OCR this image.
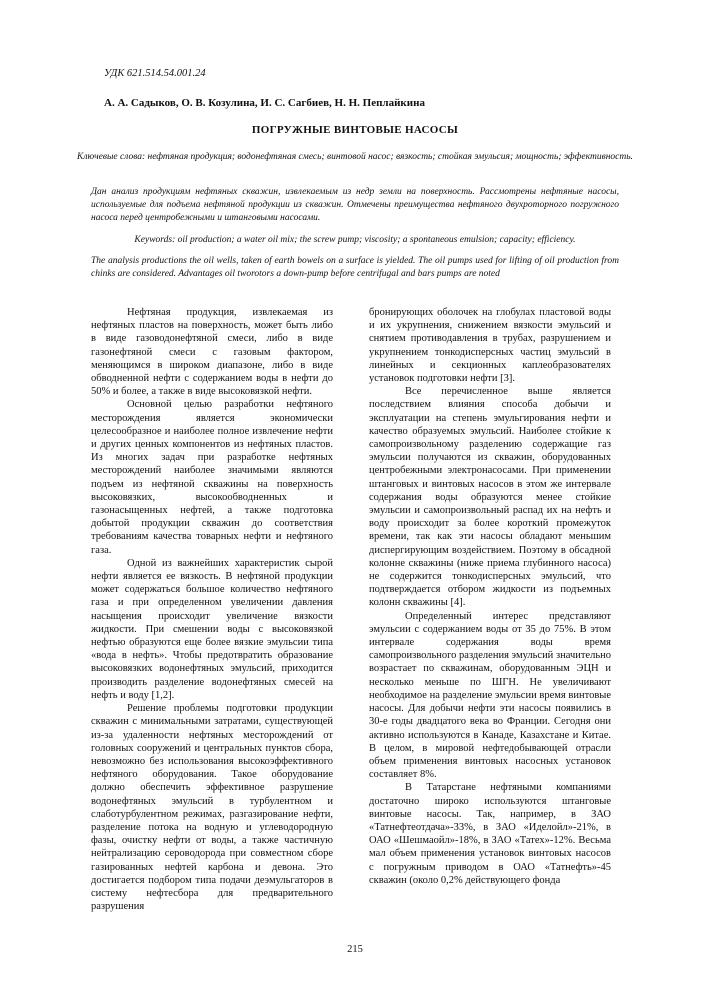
УДК 621.514.54.001.24
А. А. Садыков, О. В. Козулина, И. С. Сагбиев, Н. Н. Пеплайкина
ПОГРУЖНЫЕ ВИНТОВЫЕ НАСОСЫ
Ключевые слова: нефтяная продукция; водонефтяная смесь; винтовой насос; вязкость; стойкая эмульсия; мощность; эффективность.
Дан анализ продукциям нефтяных скважин, извлекаемым из недр земли на поверхность. Рассмотрены нефтяные насосы, используемые для подъема нефтяной продукции из скважин. Отмечены преимущества нефтяного двухроторного погружного насоса перед центробежными и штанговыми насосами.
Keywords: oil production; a water oil mix; the screw pump; viscosity; a spontaneous emulsion; capacity; efficiency.
The analysis productions the oil wells, taken of earth bowels on a surface is yielded. The oil pumps used for lifting of oil production from chinks are considered. Advantages oil tworotors a down-pump before centrifugal and bars pumps are noted

Нефтяная продукция, извлекаемая из нефтяных пластов на поверхность, может быть либо в виде газоводонефтяной смеси, либо в виде газонефтяной смеси с газовым фактором, меняющимся в широком диапазоне, либо в виде обводненной нефти с содержанием воды в нефти до 50% и более, а также в виде высоковязкой нефти.

Основной целью разработки нефтяного месторождения является экономически целесообразное и наиболее полное извлечение нефти и других ценных компонентов из нефтяных пластов. Из многих задач при разработке нефтяных месторождений наиболее значимыми являются подъем из нефтяной скважины на поверхность высоковязких, высокообводненных и газонасыщенных нефтей, а также подготовка добытой продукции скважин до соответствия требованиям качества товарных нефти и нефтяного газа.

Одной из важнейших характеристик сырой нефти является ее вязкость. В нефтяной продукции может содержаться большое количество нефтяного газа и при определенном увеличении давления насыщения происходит увеличение вязкости жидкости. При смешении воды с высоковязкой нефтью образуются еще более вязкие эмульсии типа «вода в нефть». Чтобы предотвратить образование высоковязких водонефтяных эмульсий, приходится производить разделение водонефтяных смесей на нефть и воду [1,2].

Решение проблемы подготовки продукции скважин с минимальными затратами, существующей из-за удаленности нефтяных месторождений от головных сооружений и центральных пунктов сбора, невозможно без использования высокоэффективного нефтяного оборудования. Такое оборудование должно обеспечить эффективное разрушение водонефтяных эмульсий в турбулентном и слаботурбулентном режимах, разгазирование нефти, разделение потока на водную и углеводородную фазы, очистку нефти от воды, а также частичную нейтрализацию сероводорода при совместном сборе газированных нефтей карбона и девона. Это достигается подбором типа подачи деэмульгаторов в систему нефтесбора для предварительного разрушения

бронирующих оболочек на глобулах пластовой воды и их укрупнения, снижением вязкости эмульсий и снятием противодавления в трубах, разрушением и укрупнением тонкодисперсных частиц эмульсий в линейных и секционных каплеобразователях установок подготовки нефти [3].

Все перечисленное выше является последствием влияния способа добычи и эксплуатации на степень эмульгирования нефти и качество образуемых эмульсий. Наиболее стойкие к самопроизвольному разделению содержащие газ эмульсии получаются из скважин, оборудованных центробежными электронасосами. При применении штанговых и винтовых насосов в этом же интервале содержания воды образуются менее стойкие эмульсии и самопроизвольный распад их на нефть и воду происходит за более короткий промежуток времени, так как эти насосы обладают меньшим диспергирующим воздействием. Поэтому в обсадной колонне скважины (ниже приема глубинного насоса) не содержится тонкодисперсных эмульсий, что подтверждается отбором жидкости из подъемных колонн скважины [4].

Определенный интерес представляют эмульсии с содержанием воды от 35 до 75%. В этом интервале содержания воды время самопроизвольного разделения эмульсий значительно возрастает по скважинам, оборудованным ЭЦН и несколько меньше по ШГН. Не увеличивают необходимое на разделение эмульсии время винтовые насосы. Для добычи нефти эти насосы появились в 30-е годы двадцатого века во Франции. Сегодня они активно используются в Канаде, Казахстане и Китае. В целом, в мировой нефтедобывающей отрасли объем применения винтовых насосных установок составляет 8%.

В Татарстане нефтяными компаниями достаточно широко используются штанговые винтовые насосы. Так, например, в ЗАО «Татнефтеотдача»-33%, в ЗАО «Иделойл»-21%, в ОАО «Шешмаойл»-18%, в ЗАО «Татех»-12%. Весьма мал объем применения установок винтовых насосов с погружным приводом в ОАО «Татнефть»-45 скважин (около 0,2% действующего фонда

215
